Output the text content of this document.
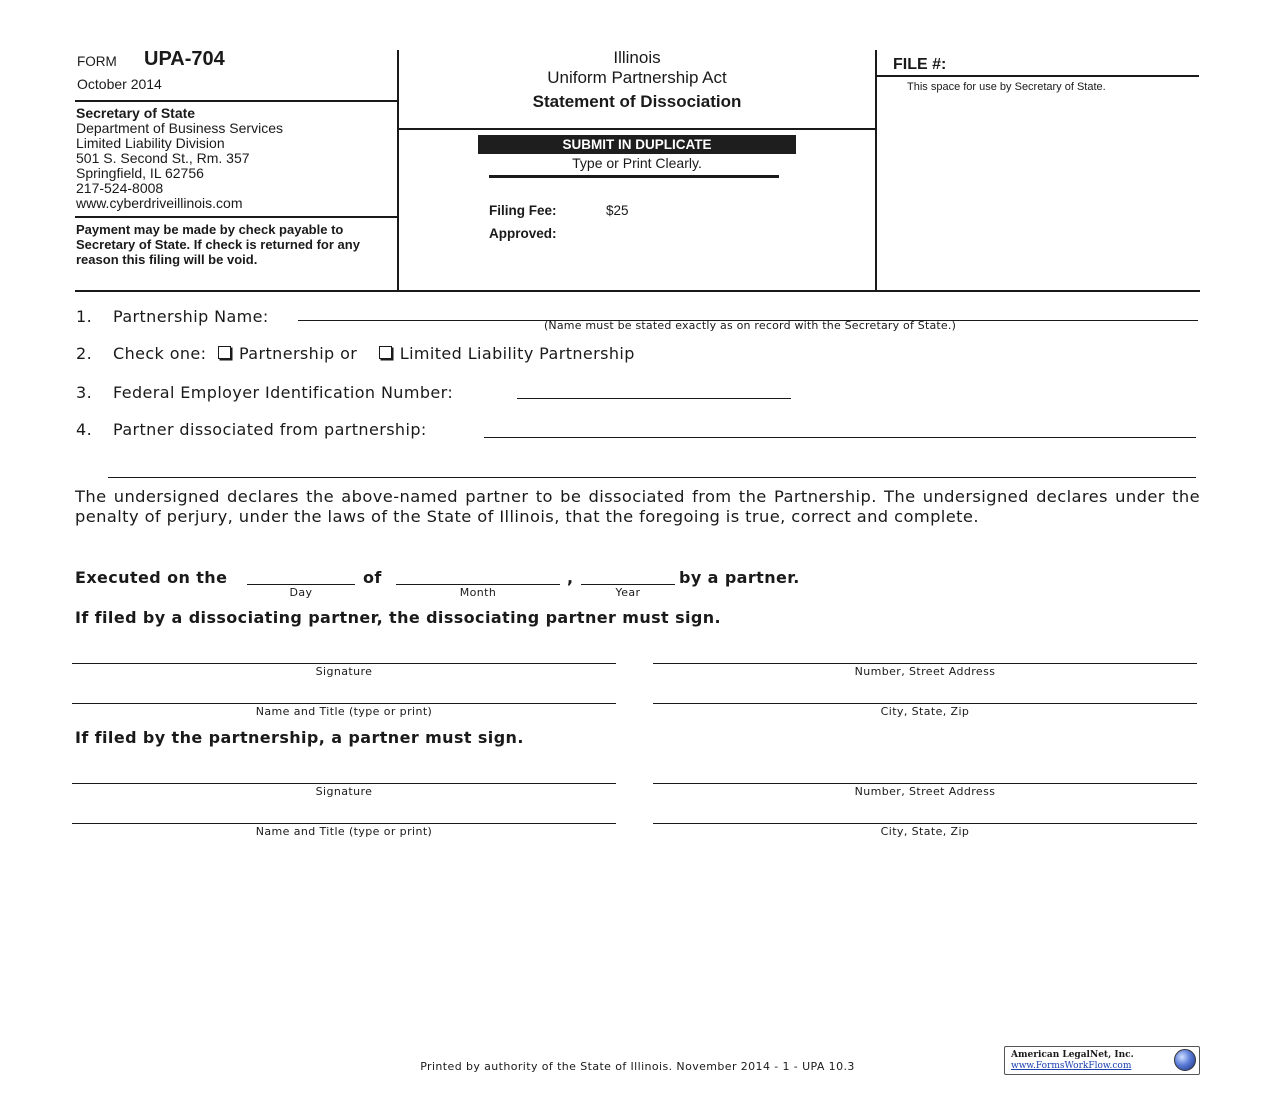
FORM UPA-704
October 2014
Secretary of State
Department of Business Services
Limited Liability Division
501 S. Second St., Rm. 357
Springfield, IL 62756
217-524-8008
www.cyberdriveillinois.com
Payment may be made by check payable to Secretary of State. If check is returned for any reason this filing will be void.
Illinois
Uniform Partnership Act
Statement of Dissociation
SUBMIT IN DUPLICATE
Type or Print Clearly.
Filing Fee:	$25
Approved:
FILE #:
This space for use by Secretary of State.
1. Partnership Name:	(Name must be stated exactly as on record with the Secretary of State.)
2. Check one: Partnership or	Limited Liability Partnership
3. Federal Employer Identification Number:
4. Partner dissociated from partnership:
The undersigned declares the above-named partner to be dissociated from the Partnership. The undersigned declares under the penalty of perjury, under the laws of the State of Illinois, that the foregoing is true, correct and complete.
Executed on the	of	,	by a partner.
Day	Month	Year
If filed by a dissociating partner, the dissociating partner must sign.
Signature	Number, Street Address
Name and Title (type or print)	City, State, Zip
If filed by the partnership, a partner must sign.
Signature	Number, Street Address
Name and Title (type or print)	City, State, Zip
Printed by authority of the State of Illinois. November 2014 - 1 - UPA 10.3
American LegalNet, Inc.
www.FormsWorkFlow.com
